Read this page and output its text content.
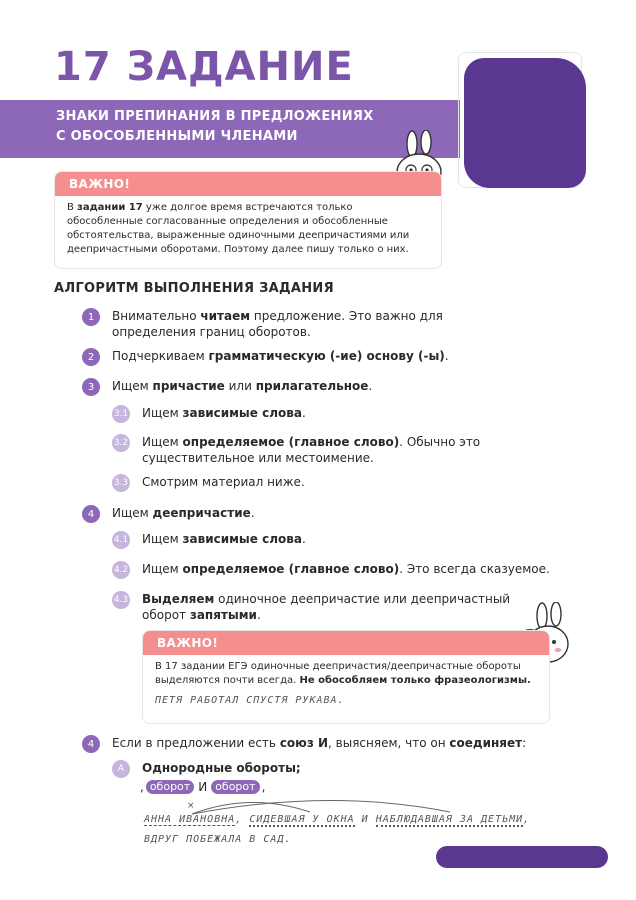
17 ЗАДАНИЕ
ЗНАКИ ПРЕПИНАНИЯ В ПРЕДЛОЖЕНИЯХ
С ОБОСОБЛЕННЫМИ ЧЛЕНАМИ
ВАЖНО!
В задании 17 уже долгое время встречаются только обособленные согласованные определения и обособленные обстоятельства, выраженные одиночными деепричастиями или деепричастными оборотами. Поэтому далее пишу только о них.
АЛГОРИТМ ВЫПОЛНЕНИЯ ЗАДАНИЯ
1	Внимательно читаем предложение. Это важно для определения границ оборотов.
2	Подчеркиваем грамматическую (-ие) основу (-ы).
3	Ищем причастие или прилагательное.
3.1 Ищем зависимые слова.
3.2 Ищем определяемое (главное слово). Обычно это существительное или местоимение.
3.3 Смотрим материал ниже.
4	Ищем деепричастие.
4.1 Ищем зависимые слова.
4.2 Ищем определяемое (главное слово). Это всегда сказуемое.
4.3 Выделяем одиночное деепричастие или деепричастный оборот запятыми.
ВАЖНО!
В 17 задании ЕГЭ одиночные деепричастия/деепричастные обороты выделяются почти всегда. Не обособляем только фразеологизмы.
ПЕТЯ РАБОТАЛ СПУСТЯ РУКАВА.
4	Если в предложении есть союз И, выясняем, что он соединяет:
А	Однородные обороты;
, оборот И оборот ,
×
АННА ИВАНОВНА, СИДЕВШАЯ У ОКНА И НАБЛЮДАВШАЯ ЗА ДЕТЬМИ,
ВДРУГ ПОБЕЖАЛА В САД.
